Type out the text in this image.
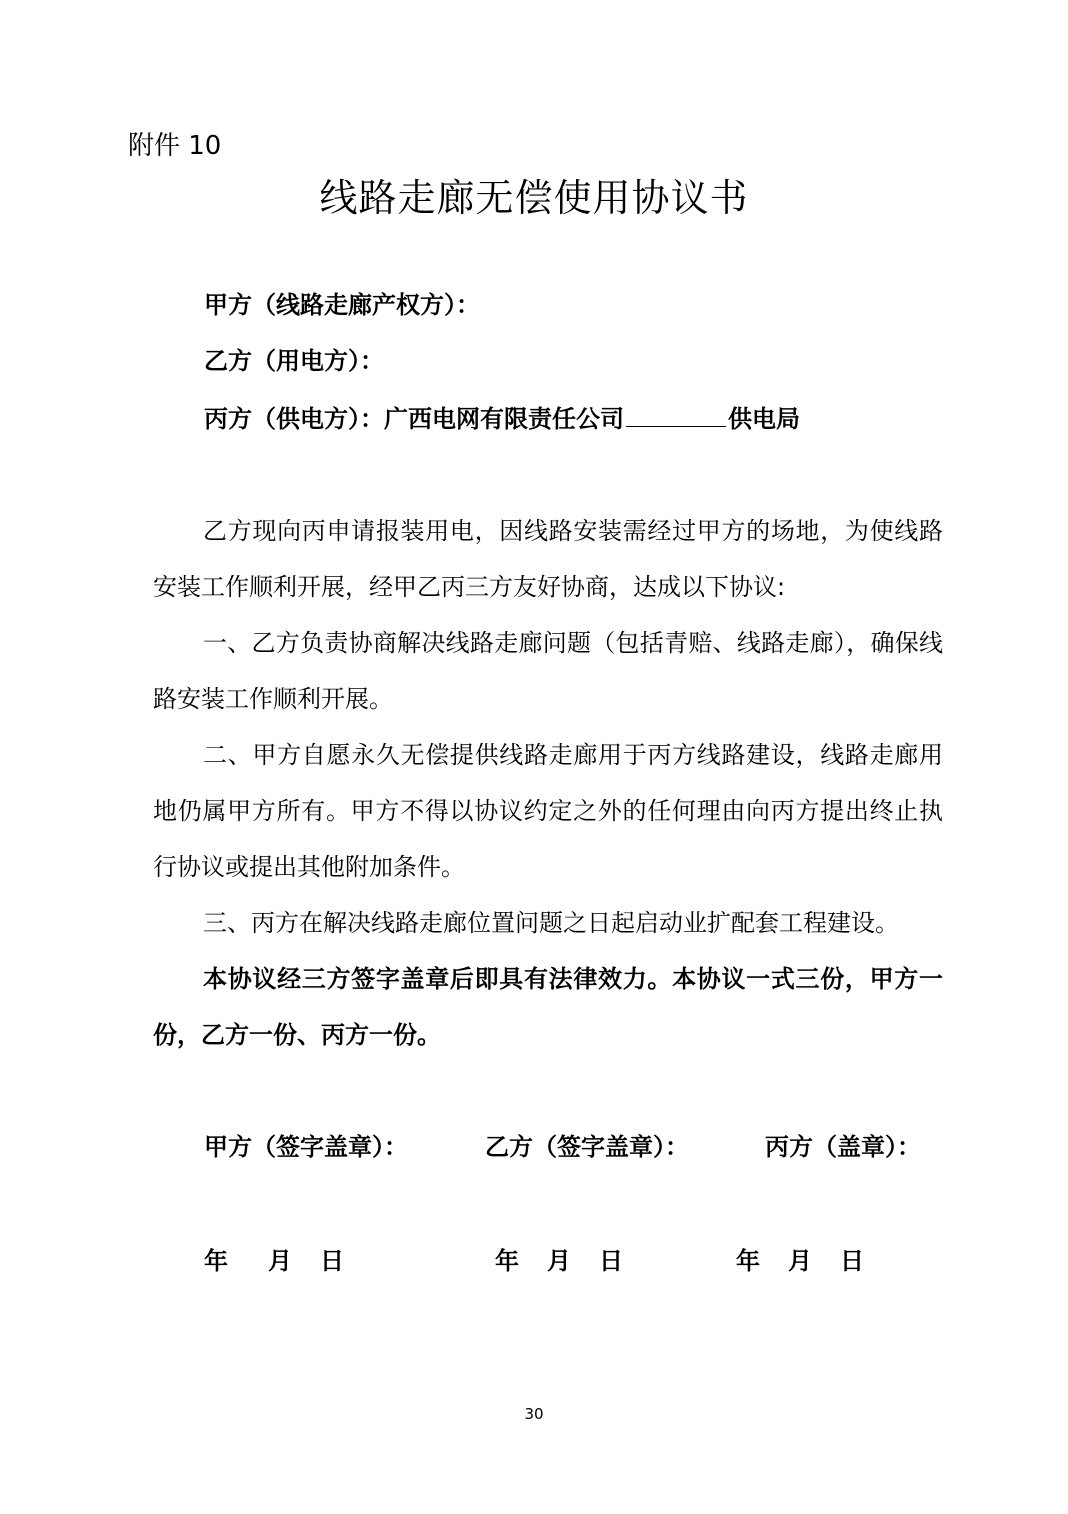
附件 10
线路走廊无偿使用协议书
甲方（线路走廊产权方）：
乙方（用电方）：
丙方（供电方）：广西电网有限责任公司	供电局

乙方现向丙申请报装用电，因线路安装需经过甲方的场地，为使线路安装工作顺利开展，经甲乙丙三方友好协商，达成以下协议:

一、乙方负责协商解决线路走廊问题（包括青赔、线路走廊），确保线路安装工作顺利开展。

二、甲方自愿永久无偿提供线路走廊用于丙方线路建设，线路走廊用地仍属甲方所有。甲方不得以协议约定之外的任何理由向丙方提出终止执行协议或提出其他附加条件。

三、丙方在解决线路走廊位置问题之日起启动业扩配套工程建设。

本协议经三方签字盖章后即具有法律效力。本协议一式三份，甲方一份，乙方一份、丙方一份。

甲方（签字盖章）：	乙方（签字盖章）：	丙方（盖章）：
年 月 日	年 月 日	年 月 日
30
